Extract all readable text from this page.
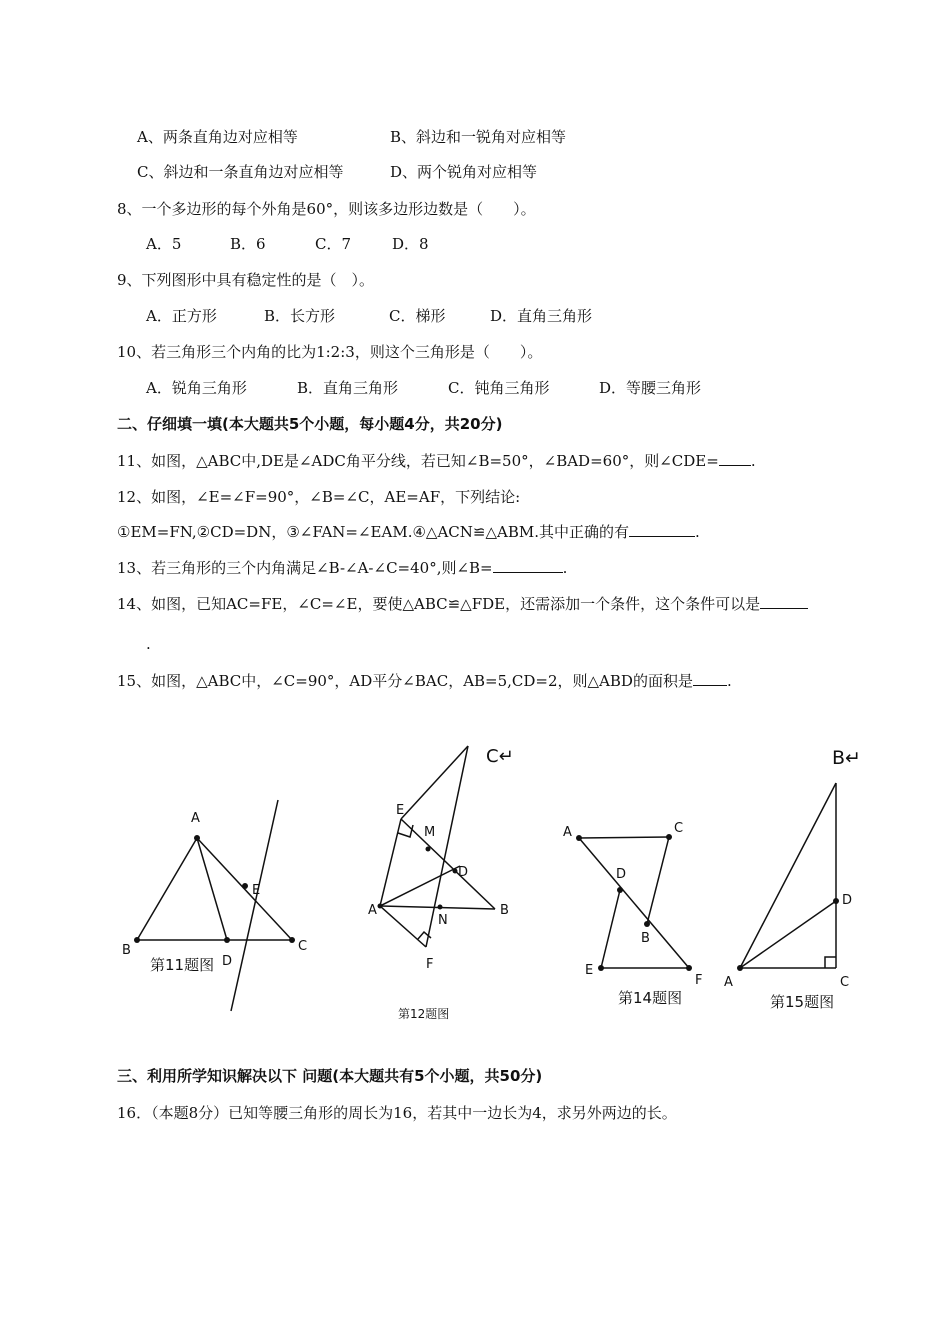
A、两条直角边对应相等	B、斜边和一锐角对应相等
C、斜边和一条直角边对应相等	D、两个锐角对应相等
8、一个多边形的每个外角是60°，则该多边形边数是（　　）。
A．5	B．6	C．7	D．8
9、下列图形中具有稳定性的是（　）。
A．正方形	B．长方形	C．梯形	D．直角三角形
10、若三角形三个内角的比为1:2:3，则这个三角形是（　　）。
A．锐角三角形	B．直角三角形	C．钝角三角形	D．等腰三角形
二、仔细填一填(本大题共5个小题，每小题4分，共20分)
11、如图，△ABC中,DE是∠ADC角平分线，若已知∠B=50°，∠BAD=60°，则∠CDE= .
12、如图，∠E=∠F=90°，∠B=∠C，AE=AF，下列结论:
①EM=FN,②CD=DN，③∠FAN=∠EAM.④△ACN≌△ABM.其中正确的有	.
13、若三角形的三个内角满足∠B-∠A-∠C=40°,则∠B=	.
14、如图，已知AC=FE，∠C=∠E，要使△ABC≌△FDE，还需添加一个条件，这个条件可以是
.
15、如图，△ABC中，∠C=90°，AD平分∠BAC，AB=5,CD=2，则△ABD的面积是 .
A
E
B	C
D
第11题图
E
M
D
A	B
N
F
C↵
第12题图
A	C
D
B
E
F
第14题图
B↵
D
A	C
第15题图
三、利用所学知识解决以下 问题(本大题共有5个小题，共50分)
16．（本题8分）已知等腰三角形的周长为16，若其中一边长为4，求另外两边的长。
